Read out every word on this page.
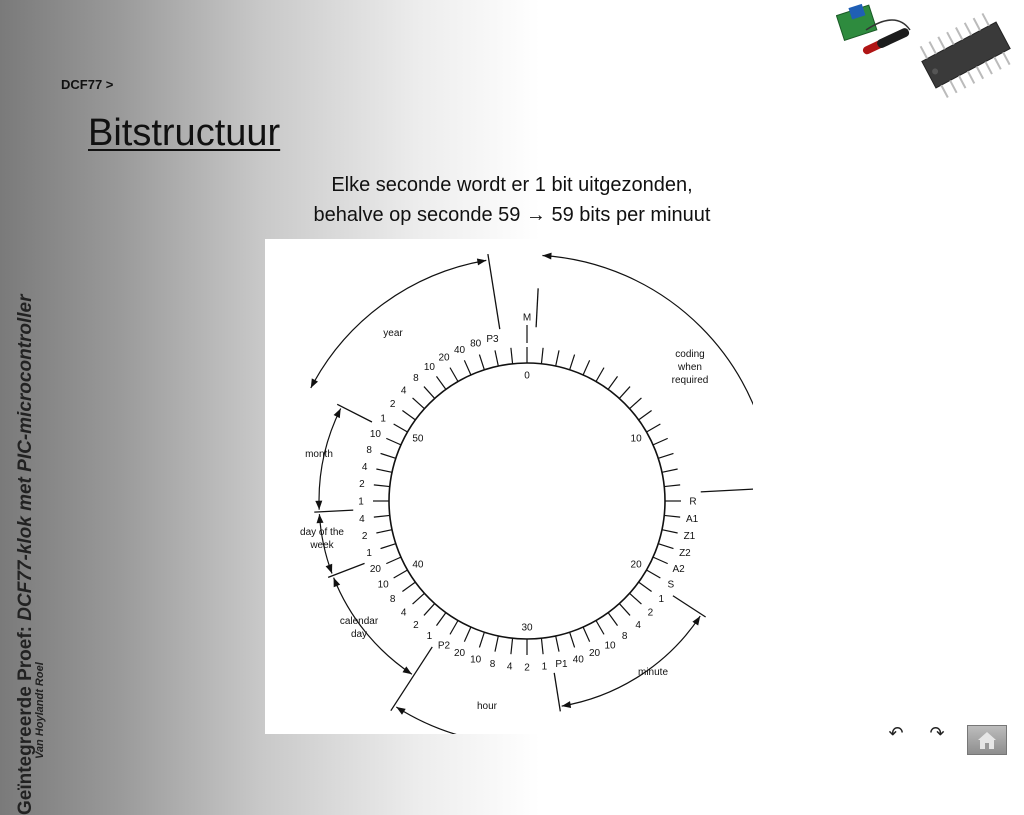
Geïntegreerde Proef: DCF77-klok met PIC-microcontroller
Van Hoylandt Roel
DCF77 >
Bitstructuur
Elke seconde wordt er 1 bit uitgezonden,
behalve op seconde 59 → 59 bits per minuut
0
10
20
30
40
50
M
R
A1
Z1
Z2
A2
S
1
2
4
8
10
20
40
P1
1
2
4
8
10
20
P2
1
2
4
8
10
20
1
2
4
1
2
4
8
10
1
2
4
8
10
20
40
80 P3
coding
when
required
minute
hour
calendar
day
day of the
week
month
year
↶ ↷
